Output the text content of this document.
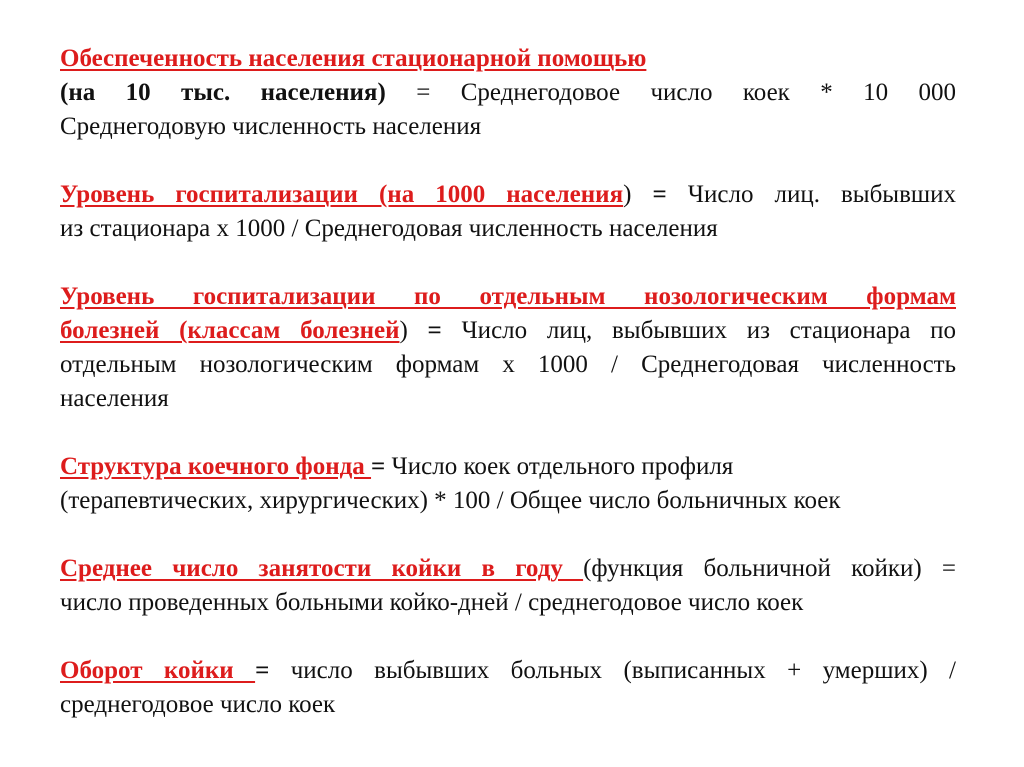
Обеспеченность населения стационарной помощью
(на 10 тыс. населения) = Среднегодовое число коек * 10 000
Среднегодовую численность населения
Уровень госпитализации (на 1000 населения) = Число лиц. выбывших
из стационара х 1000 / Среднегодовая численность населения
Уровень госпитализации по отдельным нозологическим формам
болезней (классам болезней) = Число лиц, выбывших из стационара по
отдельным нозологическим формам х 1000 / Среднегодовая численность
населения
Структура коечного фонда = Число коек отдельного профиля
(терапевтических, хирургических) * 100 / Общее число больничных коек
Среднее число занятости койки в году (функция больничной койки) =
число проведенных больными койко-дней / среднегодовое число коек
Оборот койки = число выбывших больных (выписанных + умерших) /
среднегодовое число коек
